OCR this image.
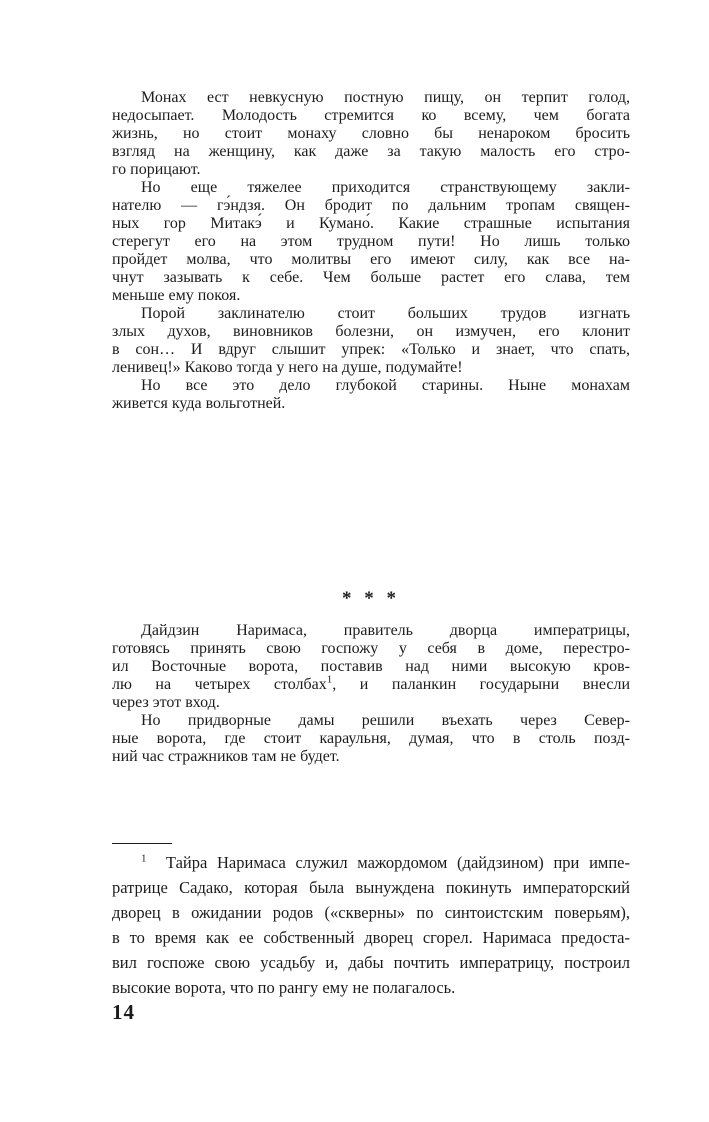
Монах ест невкусную постную пищу, он терпит голод,
недосыпает. Молодость стремится ко всему, чем богата
жизнь, но стоит монаху словно бы ненароком бросить
взгляд на женщину, как даже за такую малость его стро-
го порицают.
Но еще тяжелее приходится странствующему закли-
нателю — гэ́ндзя. Он бродит по дальним тропам священ-
ных гор Митакэ́ и Кумано́. Какие страшные испытания
стерегут его на этом трудном пути! Но лишь только
пройдет молва, что молитвы его имеют силу, как все на-
чнут зазывать к себе. Чем больше растет его слава, тем
меньше ему покоя.
Порой заклинателю стоит больших трудов изгнать
злых духов, виновников болезни, он измучен, его клонит
в сон… И вдруг слышит упрек: «Только и знает, что спать,
ленивец!» Каково тогда у него на душе, подумайте!
Но все это дело глубокой старины. Ныне монахам
живется куда вольготней.
* * *
Дайдзин Наримаса, правитель дворца императрицы,
готовясь принять свою госпожу у себя в доме, перестро-
ил Восточные ворота, поставив над ними высокую кров-
лю на четырех столбах$^1$, и паланкин государыни внесли
через этот вход.
Но придворные дамы решили въехать через Север-
ные ворота, где стоит караульня, думая, что в столь позд-
ний час стражников там не будет.
$^1$ Тайра Наримаса служил мажордомом (дайдзином) при импе-
ратрице Садако, которая была вынуждена покинуть императорский
дворец в ожидании родов («скверны» по синтоистским поверьям),
в то время как ее собственный дворец сгорел. Наримаса предоста-
вил госпоже свою усадьбу и, дабы почтить императрицу, построил
высокие ворота, что по рангу ему не полагалось.
14
